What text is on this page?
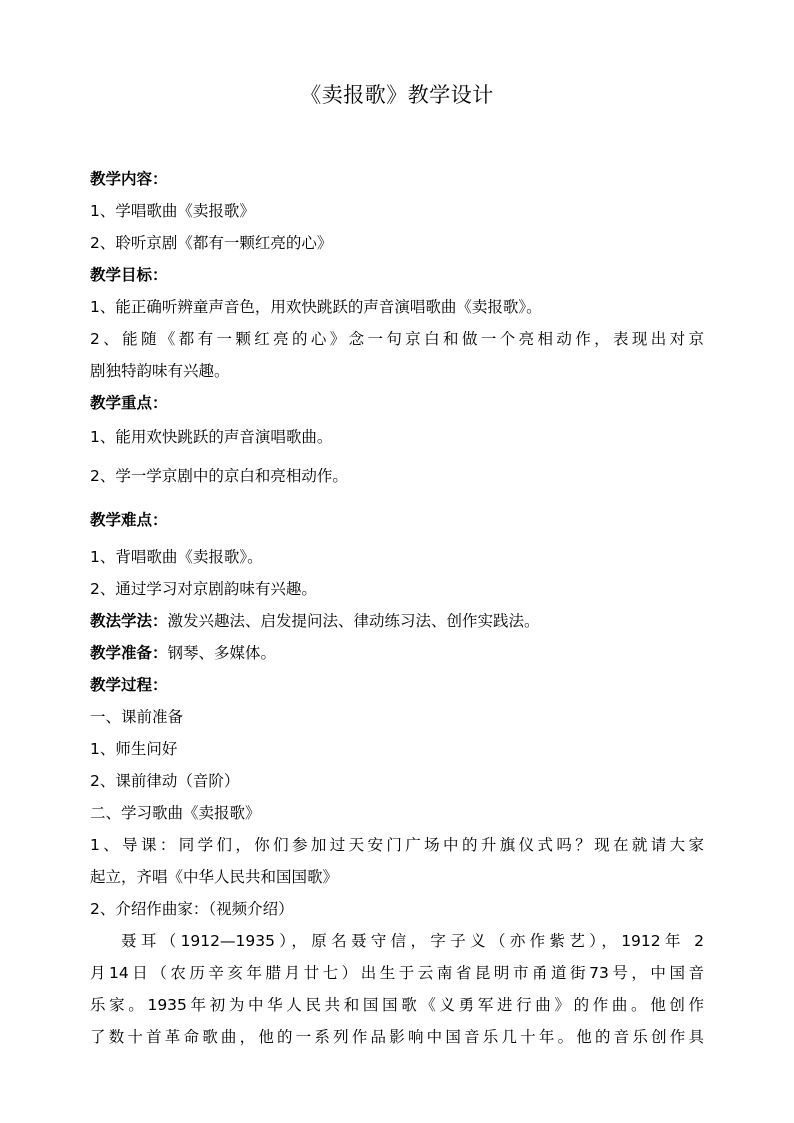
《卖报歌》教学设计
教学内容：
1、学唱歌曲《卖报歌》
2、聆听京剧《都有一颗红亮的心》
教学目标：
1、能正确听辨童声音色，用欢快跳跃的声音演唱歌曲《卖报歌》。
2、能随《都有一颗红亮的心》念一句京白和做一个亮相动作，表现出对京
剧独特韵味有兴趣。
教学重点：
1、能用欢快跳跃的声音演唱歌曲。
2、学一学京剧中的京白和亮相动作。
教学难点：
1、背唱歌曲《卖报歌》。
2、通过学习对京剧韵味有兴趣。
教法学法：激发兴趣法、启发提问法、律动练习法、创作实践法。
教学准备：钢琴、多媒体。
教学过程：
一、课前准备
1、师生问好
2、课前律动（音阶）
二、学习歌曲《卖报歌》
1、导课：同学们，你们参加过天安门广场中的升旗仪式吗？现在就请大家
起立，齐唱《中华人民共和国国歌》
2、介绍作曲家：（视频介绍）
聂耳（1912—1935），原名聂守信，字子义（亦作紫艺），1912年 2
月14日（农历辛亥年腊月廿七）出生于云南省昆明市甬道街73号，中国音
乐家。1935年初为中华人民共和国国歌《义勇军进行曲》的作曲。他创作
了数十首革命歌曲，他的一系列作品影响中国音乐几十年。他的音乐创作具
